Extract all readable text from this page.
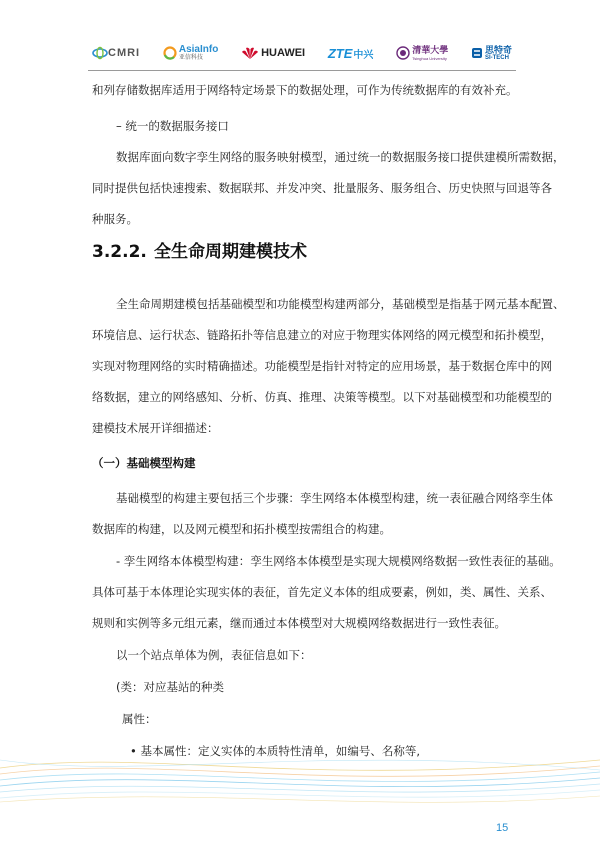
CMRI	AsiaInfo
亚信科技	HUAWEI ZTE 中兴	清華大學
Tsinghua University
思特奇
SI-TECH
和列存储数据库适用于网络特定场景下的数据处理，可作为传统数据库的有效补充。
– 统一的数据服务接口
数据库面向数字孪生网络的服务映射模型，通过统一的数据服务接口提供建模所需数据，
同时提供包括快速搜索、数据联邦、并发冲突、批量服务、服务组合、历史快照与回退等各
种服务。
3.2.2. 全生命周期建模技术
全生命周期建模包括基础模型和功能模型构建两部分，基础模型是指基于网元基本配置、
环境信息、运行状态、链路拓扑等信息建立的对应于物理实体网络的网元模型和拓扑模型，
实现对物理网络的实时精确描述。功能模型是指针对特定的应用场景，基于数据仓库中的网
络数据，建立的网络感知、分析、仿真、推理、决策等模型。以下对基础模型和功能模型的
建模技术展开详细描述：
（一）基础模型构建
基础模型的构建主要包括三个步骤：孪生网络本体模型构建，统一表征融合网络孪生体
数据库的构建，以及网元模型和拓扑模型按需组合的构建。
- 孪生网络本体模型构建：孪生网络本体模型是实现大规模网络数据一致性表征的基础。
具体可基于本体理论实现实体的表征，首先定义本体的组成要素，例如，类、属性、关系、
规则和实例等多元组元素，继而通过本体模型对大规模网络数据进行一致性表征。
以一个站点单体为例，表征信息如下：
(类：对应基站的种类
属性：
• 基本属性：定义实体的本质特性清单，如编号、名称等,
15
